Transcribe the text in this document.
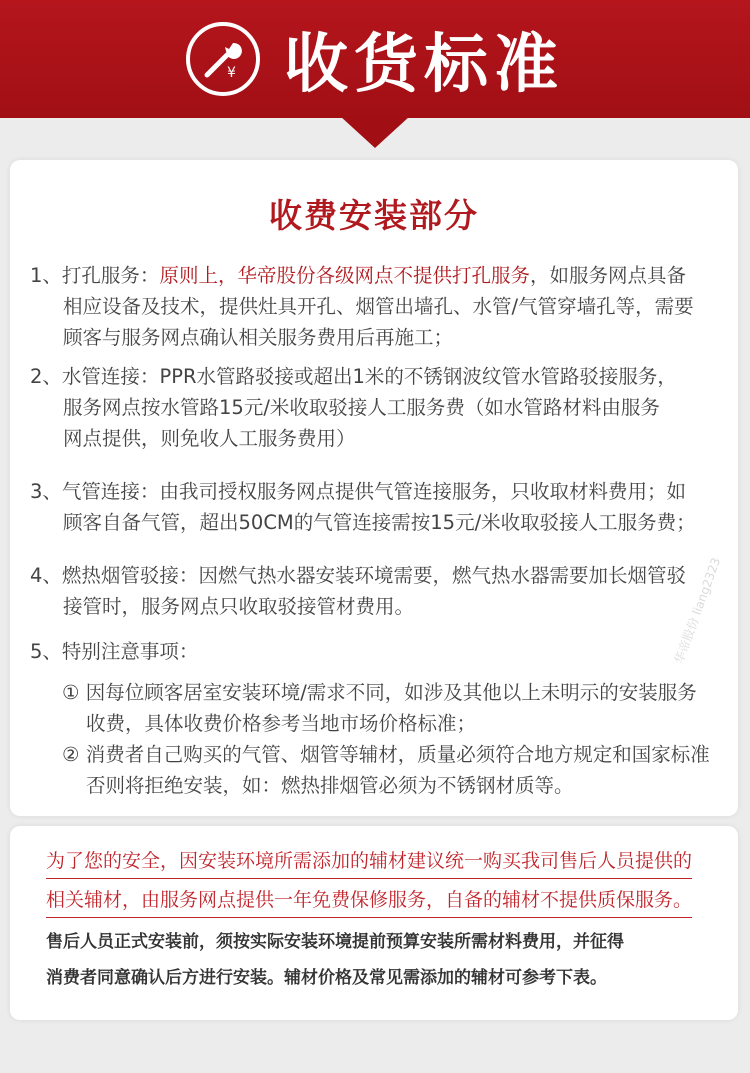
¥ 收货标准
收费安装部分
1、打孔服务：原则上，华帝股份各级网点不提供打孔服务，如服务网点具备
相应设备及技术，提供灶具开孔、烟管出墙孔、水管/气管穿墙孔等，需要
顾客与服务网点确认相关服务费用后再施工；
2、水管连接：PPR水管路驳接或超出1米的不锈钢波纹管水管路驳接服务，
服务网点按水管路15元/米收取驳接人工服务费（如水管路材料由服务
网点提供，则免收人工服务费用）
3、气管连接：由我司授权服务网点提供气管连接服务，只收取材料费用；如
顾客自备气管，超出50CM的气管连接需按15元/米收取驳接人工服务费；
4、燃热烟管驳接：因燃气热水器安装环境需要，燃气热水器需要加长烟管驳
接管时，服务网点只收取驳接管材费用。
5、特别注意事项：
① 因每位顾客居室安装环境/需求不同，如涉及其他以上未明示的安装服务
收费，具体收费价格参考当地市场价格标准；
② 消费者自己购买的气管、烟管等辅材，质量必须符合地方规定和国家标准
否则将拒绝安装，如：燃热排烟管必须为不锈钢材质等。
华帝股份 liang2323
为了您的安全，因安装环境所需添加的辅材建议统一购买我司售后人员提供的 相关辅材，由服务网点提供一年免费保修服务，自备的辅材不提供质保服务。
售后人员正式安装前，须按实际安装环境提前预算安装所需材料费用，并征得
消费者同意确认后方进行安装。辅材价格及常见需添加的辅材可参考下表。
